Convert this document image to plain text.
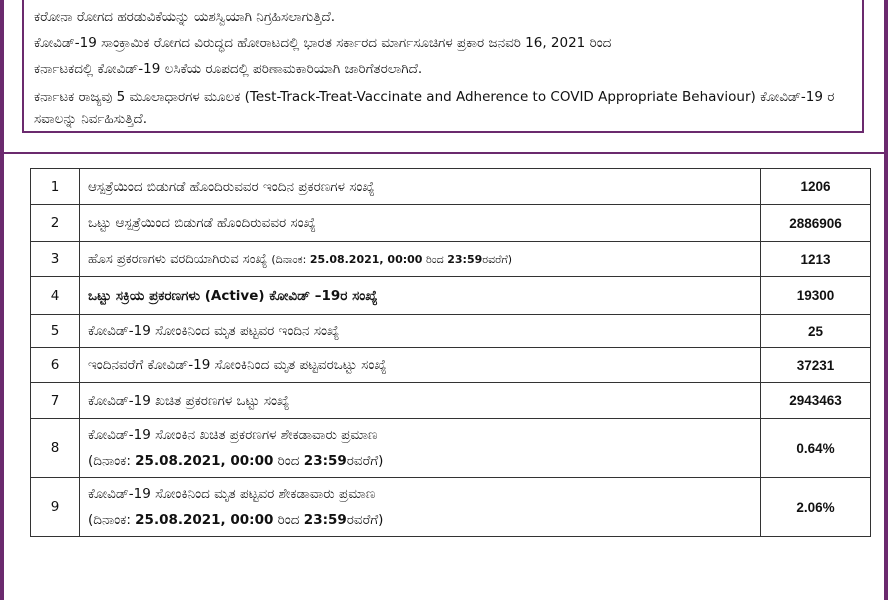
ಕರೋನಾ ರೋಗದ ಹರಡುವಿಕೆಯನ್ನು ಯಶಸ್ವಿಯಾಗಿ ನಿಗ್ರಹಿಸಲಾಗುತ್ತಿದೆ.

ಕೋವಿಡ್-19 ಸಾಂಕ್ರಾಮಿಕ ರೋಗದ ವಿರುದ್ಧದ ಹೋರಾಟದಲ್ಲಿ ಭಾರತ ಸರ್ಕಾರದ ಮಾರ್ಗಸೂಚಿಗಳ ಪ್ರಕಾರ ಜನವರಿ 16, 2021 ರಿಂದ

ಕರ್ನಾಟಕದಲ್ಲಿ ಕೋವಿಡ್-19 ಲಸಿಕೆಯ ರೂಪದಲ್ಲಿ ಪರಿಣಾಮಕಾರಿಯಾಗಿ ಜಾರಿಗೆತರಲಾಗಿದೆ.

ಕರ್ನಾಟಕ ರಾಜ್ಯವು 5 ಮೂಲಾಧಾರಗಳ ಮೂಲಕ (Test-Track-Treat-Vaccinate and Adherence to COVID Appropriate Behaviour) ಕೋವಿಡ್-19 ರ ಸವಾಲನ್ನು ನಿರ್ವಹಿಸುತ್ತಿದೆ.

1	ಆಸ್ಪತ್ರೆಯಿಂದ ಬಿಡುಗಡೆ ಹೊಂದಿರುವವರ ಇಂದಿನ ಪ್ರಕರಣಗಳ ಸಂಖ್ಯೆ	1206
2	ಒಟ್ಟು ಆಸ್ಪತ್ರೆಯಿಂದ ಬಿಡುಗಡೆ ಹೊಂದಿರುವವರ ಸಂಖ್ಯೆ	2886906
3	ಹೊಸ ಪ್ರಕರಣಗಳು ವರದಿಯಾಗಿರುವ ಸಂಖ್ಯೆ (ದಿನಾಂಕ: 25.08.2021, 00:00 ರಿಂದ 23:59ರವರೆಗೆ)	1213
4	ಒಟ್ಟು ಸಕ್ರಿಯ ಪ್ರಕರಣಗಳು (Active) ಕೋವಿಡ್ –19ರ ಸಂಖ್ಯೆ	19300
5	ಕೋವಿಡ್-19 ಸೋಂಕಿನಿಂದ ಮೃತ ಪಟ್ಟವರ ಇಂದಿನ ಸಂಖ್ಯೆ	25
6	ಇಂದಿನವರೆಗೆ ಕೋವಿಡ್-19 ಸೋಂಕಿನಿಂದ ಮೃತ ಪಟ್ಟವರಒಟ್ಟು ಸಂಖ್ಯೆ	37231
7	ಕೋವಿಡ್-19 ಖಚಿತ ಪ್ರಕರಣಗಳ ಒಟ್ಟು ಸಂಖ್ಯೆ	2943463
8	ಕೋವಿಡ್-19 ಸೋಂಕಿನ ಖಚಿತ ಪ್ರಕರಣಗಳ ಶೇಕಡಾವಾರು ಪ್ರಮಾಣ
(ದಿನಾಂಕ: 25.08.2021, 00:00 ರಿಂದ 23:59ರವರೆಗೆ)	0.64%
9	ಕೋವಿಡ್-19 ಸೋಂಕಿನಿಂದ ಮೃತ ಪಟ್ಟವರ ಶೇಕಡಾವಾರು ಪ್ರಮಾಣ
(ದಿನಾಂಕ: 25.08.2021, 00:00 ರಿಂದ 23:59ರವರೆಗೆ)	2.06%
